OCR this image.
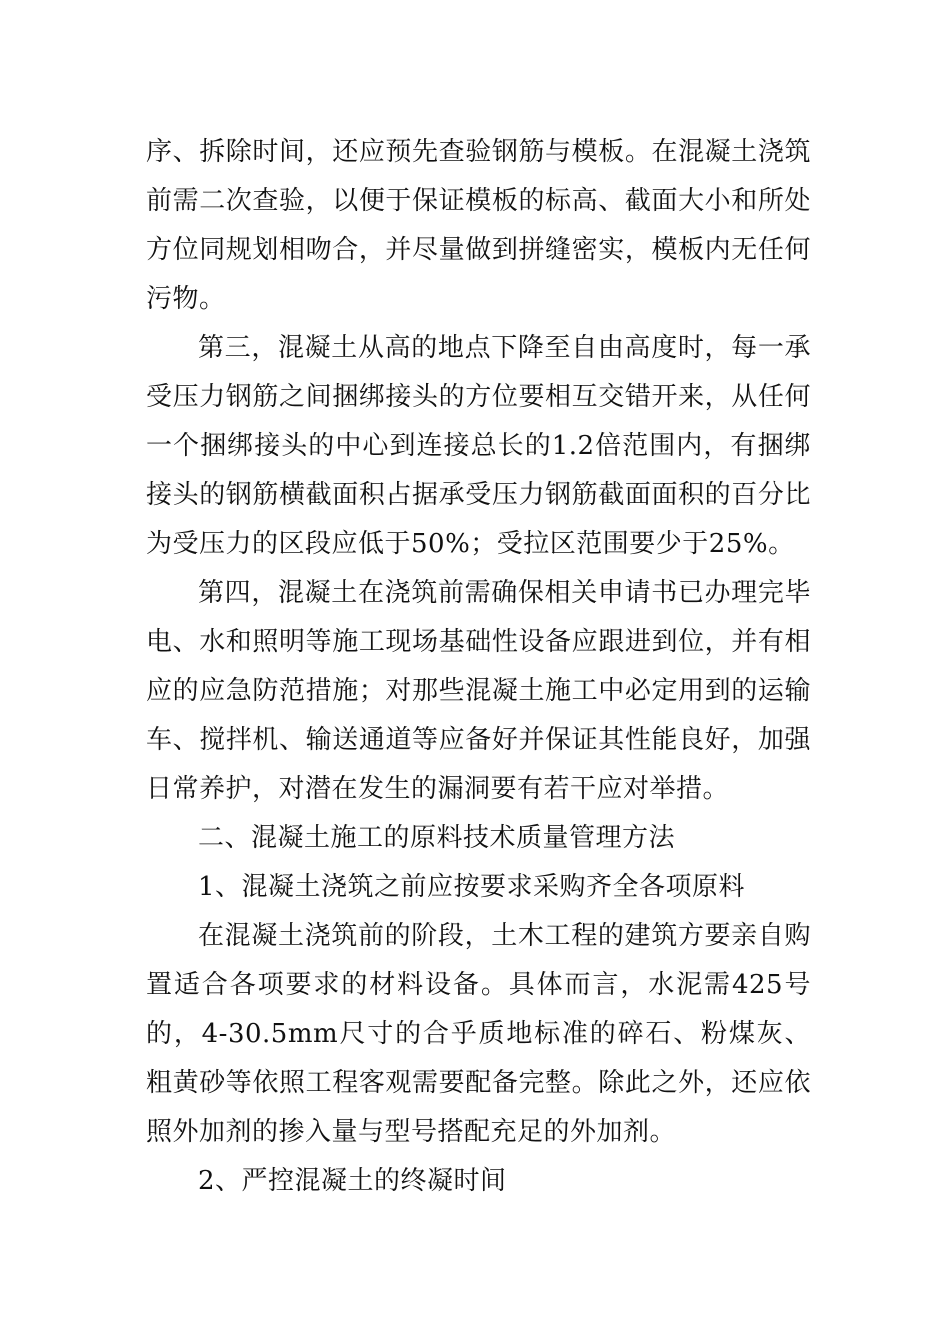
序、拆除时间，还应预先查验钢筋与模板。在混凝土浇筑前需二次查验，以便于保证模板的标高、截面大小和所处方位同规划相吻合，并尽量做到拼缝密实，模板内无任何污物。

第三，混凝土从高的地点下降至自由高度时，每一承受压力钢筋之间捆绑接头的方位要相互交错开来，从任何一个捆绑接头的中心到连接总长的1.2倍范围内，有捆绑接头的钢筋横截面积占据承受压力钢筋截面面积的百分比为受压力的区段应低于50%；受拉区范围要少于25%。

第四，混凝土在浇筑前需确保相关申请书已办理完毕电、水和照明等施工现场基础性设备应跟进到位，并有相应的应急防范措施；对那些混凝土施工中必定用到的运输车、搅拌机、输送通道等应备好并保证其性能良好，加强日常养护，对潜在发生的漏洞要有若干应对举措。

二、混凝土施工的原料技术质量管理方法

1、混凝土浇筑之前应按要求采购齐全各项原料

在混凝土浇筑前的阶段，土木工程的建筑方要亲自购置适合各项要求的材料设备。具体而言，水泥需425号的，4-30.5mm尺寸的合乎质地标准的碎石、粉煤灰、粗黄砂等依照工程客观需要配备完整。除此之外，还应依照外加剂的掺入量与型号搭配充足的外加剂。

2、严控混凝土的终凝时间
